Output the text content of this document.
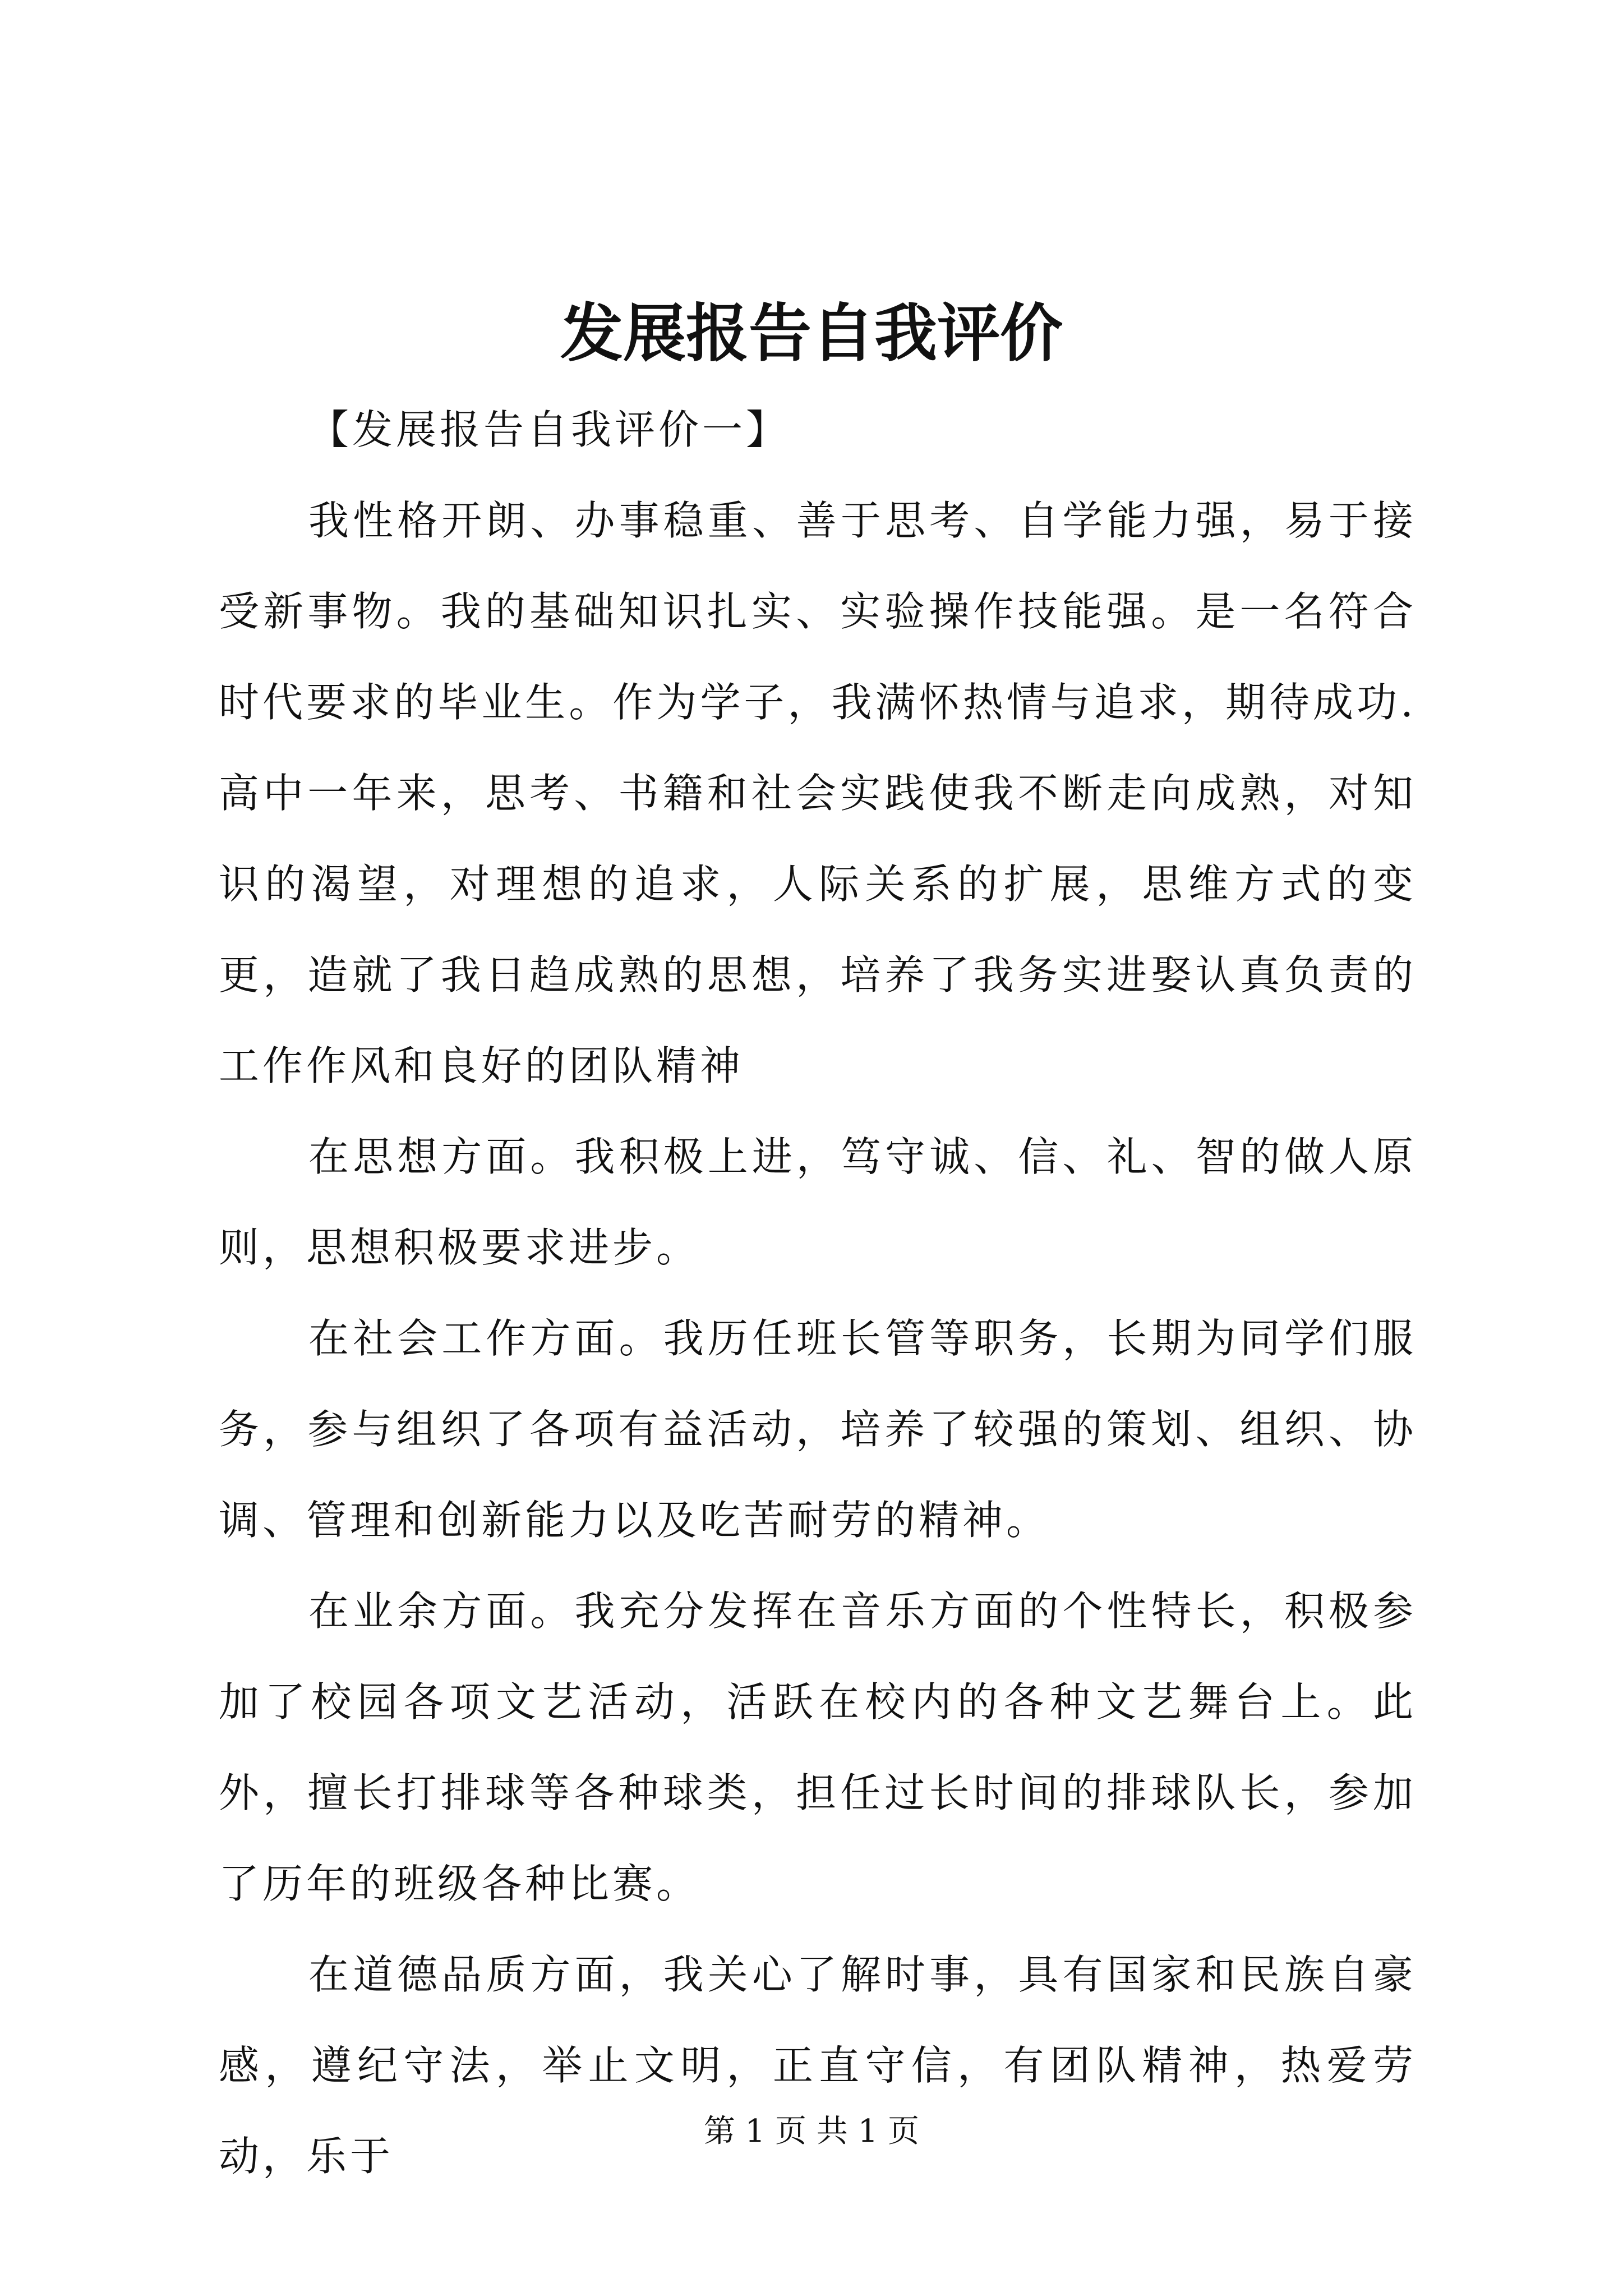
发展报告自我评价

【发展报告自我评价一】

我性格开朗、办事稳重、善于思考、自学能力强，易于接受新事物。我的基础知识扎实、实验操作技能强。是一名符合时代要求的毕业生。作为学子，我满怀热情与追求，期待成功.高中一年来，思考、书籍和社会实践使我不断走向成熟，对知识的渴望，对理想的追求，人际关系的扩展，思维方式的变更，造就了我日趋成熟的思想，培养了我务实进娶认真负责的工作作风和良好的团队精神

在思想方面。我积极上进，笃守诚、信、礼、智的做人原则，思想积极要求进步。

在社会工作方面。我历任班长管等职务，长期为同学们服务，参与组织了各项有益活动，培养了较强的策划、组织、协调、管理和创新能力以及吃苦耐劳的精神。

在业余方面。我充分发挥在音乐方面的个性特长，积极参加了校园各项文艺活动，活跃在校内的各种文艺舞台上。此外，擅长打排球等各种球类，担任过长时间的排球队长，参加了历年的班级各种比赛。

在道德品质方面，我关心了解时事，具有国家和民族自豪感，遵纪守法，举止文明，正直守信，有团队精神，热爱劳动，乐于

第 1 页 共 1 页
